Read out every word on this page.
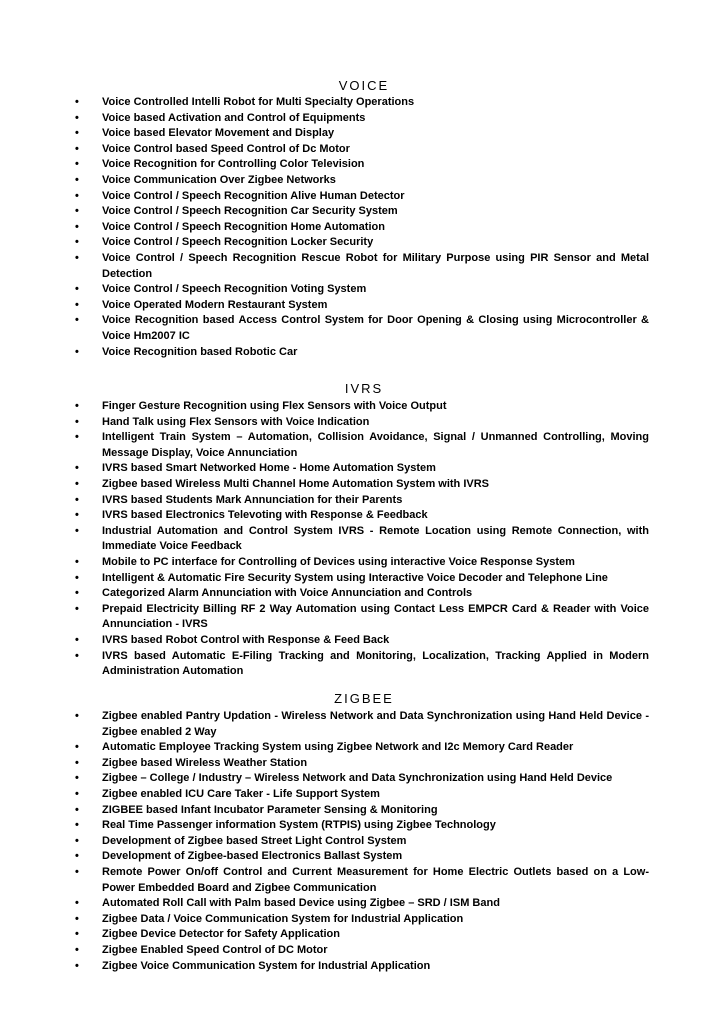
VOICE
• Voice Controlled Intelli Robot for Multi Specialty Operations
• Voice based Activation and Control of Equipments
• Voice based Elevator Movement and Display
• Voice Control based Speed Control of Dc Motor
• Voice Recognition for Controlling Color Television
• Voice Communication Over Zigbee Networks
• Voice Control / Speech Recognition Alive Human Detector
• Voice Control / Speech Recognition Car Security System
• Voice Control / Speech Recognition Home Automation
• Voice Control / Speech Recognition Locker Security
• Voice Control / Speech Recognition Rescue Robot for Military Purpose using PIR Sensor and Metal Detection
• Voice Control / Speech Recognition Voting System
• Voice Operated Modern Restaurant System
• Voice Recognition based Access Control System for Door Opening & Closing using Microcontroller & Voice Hm2007 IC
• Voice Recognition based Robotic Car
IVRS
• Finger Gesture Recognition using Flex Sensors with Voice Output
• Hand Talk using Flex Sensors with Voice Indication
• Intelligent Train System – Automation, Collision Avoidance, Signal / Unmanned Controlling, Moving Message Display, Voice Annunciation
• IVRS based Smart Networked Home - Home Automation System
• Zigbee based Wireless Multi Channel Home Automation System with IVRS
• IVRS based Students Mark Annunciation for their Parents
• IVRS based Electronics Televoting with Response & Feedback
• Industrial Automation and Control System IVRS - Remote Location using Remote Connection, with Immediate Voice Feedback
• Mobile to PC interface for Controlling of Devices using interactive Voice Response System
• Intelligent & Automatic Fire Security System using Interactive Voice Decoder and Telephone Line
• Categorized Alarm Annunciation with Voice Annunciation and Controls
• Prepaid Electricity Billing RF 2 Way Automation using Contact Less EMPCR Card & Reader with Voice Annunciation - IVRS
• IVRS based Robot Control with Response & Feed Back
• IVRS based Automatic E-Filing Tracking and Monitoring, Localization, Tracking Applied in Modern Administration Automation
ZIGBEE
• Zigbee enabled Pantry Updation - Wireless Network and Data Synchronization using Hand Held Device - Zigbee enabled 2 Way
• Automatic Employee Tracking System using Zigbee Network and I2c Memory Card Reader
• Zigbee based Wireless Weather Station
• Zigbee – College / Industry – Wireless Network and Data Synchronization using Hand Held Device
• Zigbee enabled ICU Care Taker - Life Support System
• ZIGBEE based Infant Incubator Parameter Sensing & Monitoring
• Real Time Passenger information System (RTPIS) using Zigbee Technology
• Development of Zigbee based Street Light Control System
• Development of Zigbee-based Electronics Ballast System
• Remote Power On/off Control and Current Measurement for Home Electric Outlets based on a Low-Power Embedded Board and Zigbee Communication
• Automated Roll Call with Palm based Device using Zigbee – SRD / ISM Band
• Zigbee Data / Voice Communication System for Industrial Application
• Zigbee Device Detector for Safety Application
• Zigbee Enabled Speed Control of DC Motor
• Zigbee Voice Communication System for Industrial Application
